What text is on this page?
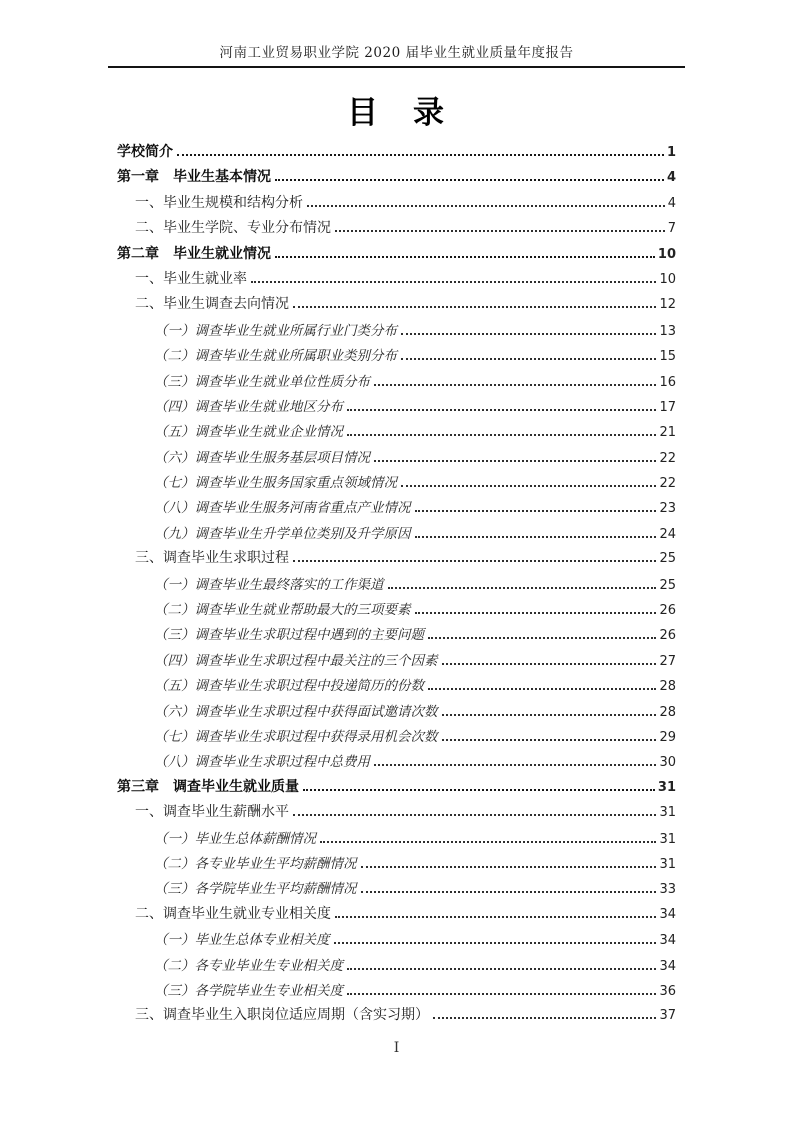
河南工业贸易职业学院 2020 届毕业生就业质量年度报告
目　录
学校简介	1
第一章　毕业生基本情况	4
一、毕业生规模和结构分析	4
二、毕业生学院、专业分布情况	7
第二章　毕业生就业情况	10
一、毕业生就业率	10
二、毕业生调查去向情况	12
（一）调查毕业生就业所属行业门类分布	13
（二）调查毕业生就业所属职业类别分布	15
（三）调查毕业生就业单位性质分布	16
（四）调查毕业生就业地区分布	17
（五）调查毕业生就业企业情况	21
（六）调查毕业生服务基层项目情况	22
（七）调查毕业生服务国家重点领域情况	22
（八）调查毕业生服务河南省重点产业情况	23
（九）调查毕业生升学单位类别及升学原因	24
三、调查毕业生求职过程	25
（一）调查毕业生最终落实的工作渠道	25
（二）调查毕业生就业帮助最大的三项要素	26
（三）调查毕业生求职过程中遇到的主要问题	26
（四）调查毕业生求职过程中最关注的三个因素	27
（五）调查毕业生求职过程中投递简历的份数	28
（六）调查毕业生求职过程中获得面试邀请次数	28
（七）调查毕业生求职过程中获得录用机会次数	29
（八）调查毕业生求职过程中总费用	30
第三章　调查毕业生就业质量	31
一、调查毕业生薪酬水平	31
（一）毕业生总体薪酬情况	31
（二）各专业毕业生平均薪酬情况	31
（三）各学院毕业生平均薪酬情况	33
二、调查毕业生就业专业相关度	34
（一）毕业生总体专业相关度	34
（二）各专业毕业生专业相关度	34
（三）各学院毕业生专业相关度	36
三、调查毕业生入职岗位适应周期（含实习期）	37
I
